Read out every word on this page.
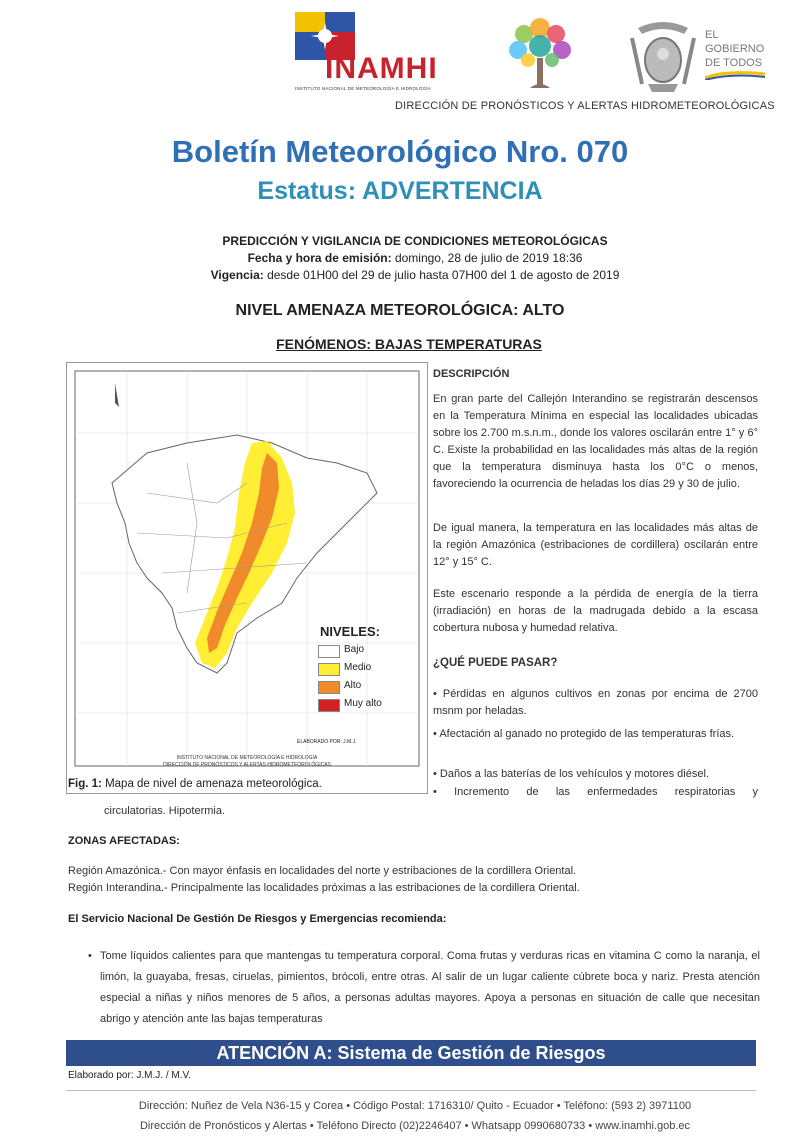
INAMHI
INSTITUTO NACIONAL DE METEOROLOGÍA E HIDROLOGÍA
EL
GOBIERNO
DE TODOS
DIRECCIÓN DE PRONÓSTICOS Y ALERTAS HIDROMETEOROLÓGICAS
Boletín Meteorológico Nro. 070
Estatus: ADVERTENCIA
PREDICCIÓN Y VIGILANCIA DE CONDICIONES METEOROLÓGICAS
Fecha y hora de emisión: domingo, 28 de julio de 2019 18:36
Vigencia: desde 01H00 del 29 de julio hasta 07H00 del 1 de agosto de 2019
NIVEL AMENAZA METEOROLÓGICA: ALTO
FENÓMENOS: BAJAS TEMPERATURAS
INSTITUTO NACIONAL DE METEOROLOGÍA E HIDROLOGÍA
DIRECCIÓN DE PRONÓSTICOS Y ALERTAS HIDROMETEOROLÓGICAS
ELABORADO POR: J.M.J.
NIVELES:
Bajo
Medio
Alto
Muy alto
Fig. 1: Mapa de nivel de amenaza meteorológica.
DESCRIPCIÓN
En gran parte del Callejón Interandino se registrarán descensos en la Temperatura Mínima en especial las localidades ubicadas sobre los 2.700 m.s.n.m., donde los valores oscilarán entre 1° y 6° C. Existe la probabilidad en las localidades más altas de la región que la temperatura disminuya hasta los 0°C o menos, favoreciendo la ocurrencia de heladas los días 29 y 30 de julio.
De igual manera, la temperatura en las localidades más altas de la región Amazónica (estribaciones de cordillera) oscilarán entre 12° y 15° C.
Este escenario responde a la pérdida de energía de la tierra (irradiación) en horas de la madrugada debido a la escasa cobertura nubosa y humedad relativa.
¿QUÉ PUEDE PASAR?
• Pérdidas en algunos cultivos en zonas por encima de 2700 msnm por heladas.
• Afectación al ganado no protegido de las temperaturas frías.
• Daños a las baterías de los vehículos y motores diésel.
• Incremento de las enfermedades respiratorias y
circulatorias. Hipotermia.
ZONAS AFECTADAS:
Región Amazónica.- Con mayor énfasis en localidades del norte y estribaciones de la cordillera Oriental.
Región Interandina.- Principalmente las localidades próximas a las estribaciones de la cordillera Oriental.
El Servicio Nacional De Gestión De Riesgos y Emergencias recomienda:
• Tome líquidos calientes para que mantengas tu temperatura corporal. Coma frutas y verduras ricas en vitamina C como la naranja, el limón, la guayaba, fresas, ciruelas, pimientos, brócoli, entre otras. Al salir de un lugar caliente cúbrete boca y nariz. Presta atención especial a niñas y niños menores de 5 años, a personas adultas mayores. Apoya a personas en situación de calle que necesitan abrigo y atención ante las bajas temperaturas
ATENCIÓN A: Sistema de Gestión de Riesgos
Elaborado por: J.M.J. / M.V.
Dirección: Nuñez de Vela N36-15 y Corea • Código Postal: 1716310/ Quito - Ecuador • Teléfono: (593 2) 3971100
Dirección de Pronósticos y Alertas • Teléfono Directo (02)2246407 • Whatsapp 0990680733 • www.inamhi.gob.ec
